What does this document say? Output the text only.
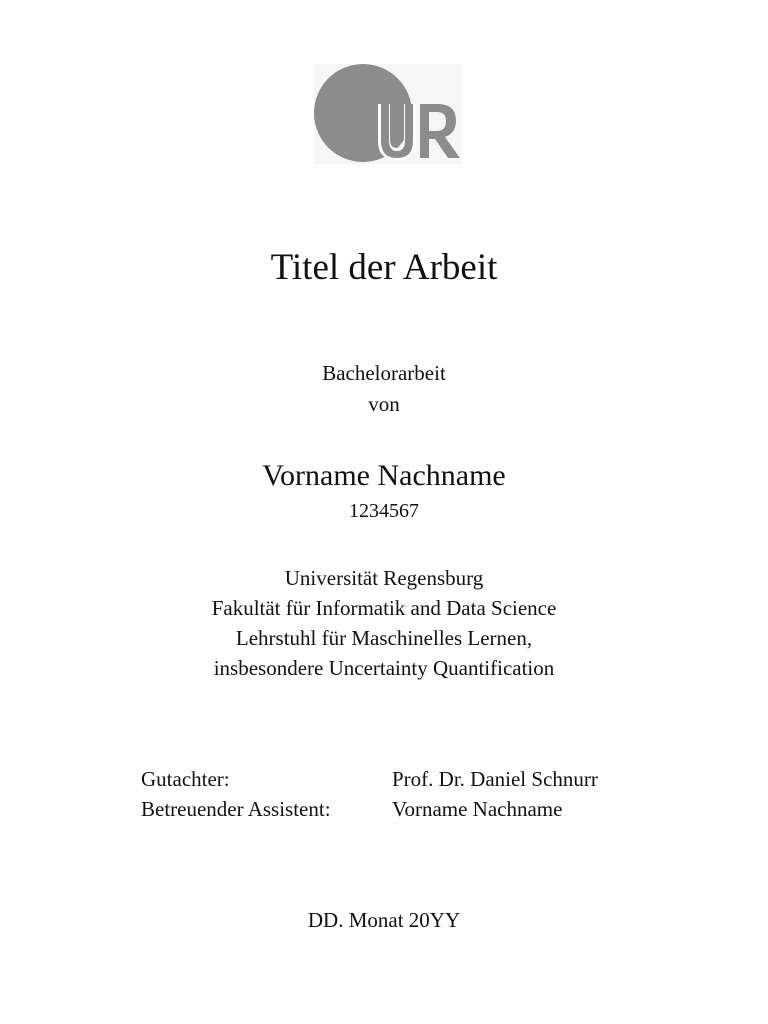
Titel der Arbeit
Bachelorarbeit
von
Vorname Nachname
1234567
Universität Regensburg
Fakultät für Informatik and Data Science
Lehrstuhl für Maschinelles Lernen,
insbesondere Uncertainty Quantification
Gutachter:	Prof. Dr. Daniel Schnurr
Betreuender Assistent:	Vorname Nachname
DD. Monat 20YY
